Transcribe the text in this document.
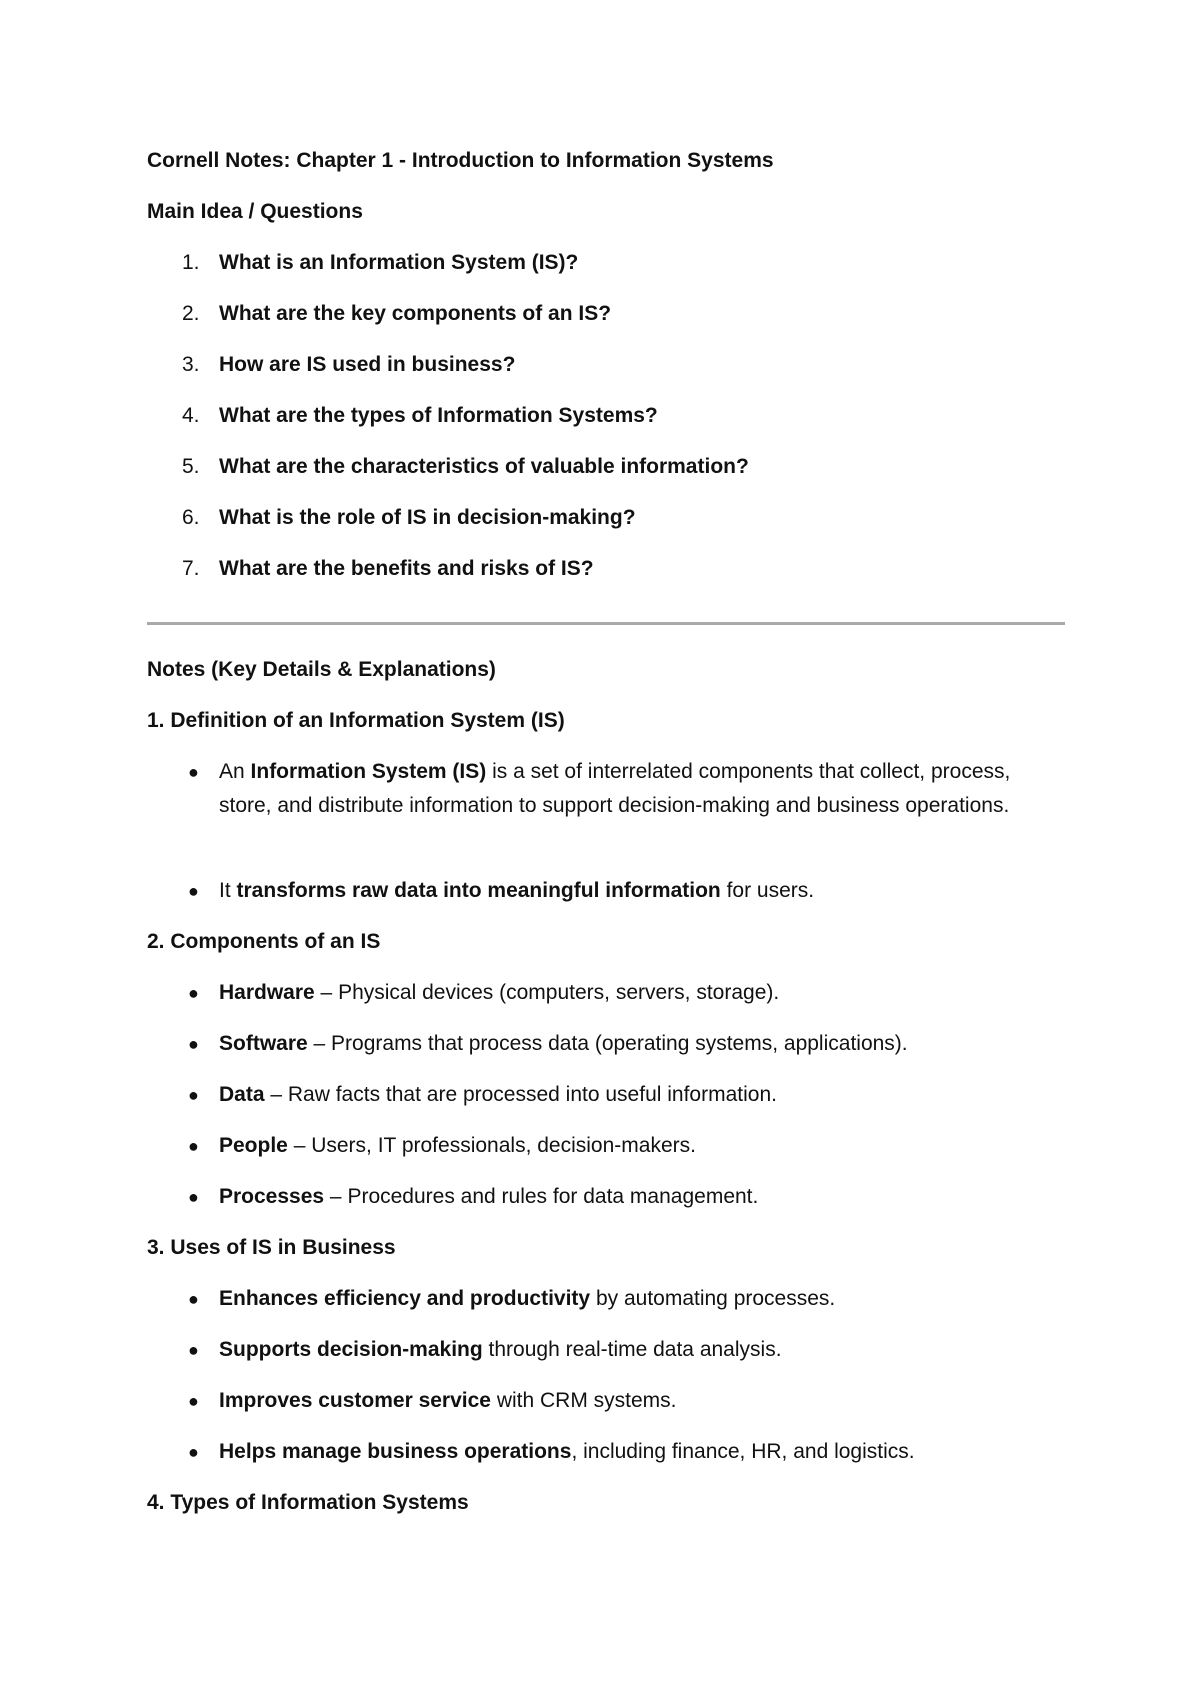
Cornell Notes: Chapter 1 - Introduction to Information Systems
Main Idea / Questions
1. What is an Information System (IS)?
2. What are the key components of an IS?
3. How are IS used in business?
4. What are the types of Information Systems?
5. What are the characteristics of valuable information?
6. What is the role of IS in decision-making?
7. What are the benefits and risks of IS?
Notes (Key Details & Explanations)
1. Definition of an Information System (IS)
● An Information System (IS) is a set of interrelated components that collect, process, store, and distribute information to support decision-making and business operations.
● It transforms raw data into meaningful information for users.
2. Components of an IS
● Hardware – Physical devices (computers, servers, storage).
● Software – Programs that process data (operating systems, applications).
● Data – Raw facts that are processed into useful information.
● People – Users, IT professionals, decision-makers.
● Processes – Procedures and rules for data management.
3. Uses of IS in Business
● Enhances efficiency and productivity by automating processes.
● Supports decision-making through real-time data analysis.
● Improves customer service with CRM systems.
● Helps manage business operations, including finance, HR, and logistics.
4. Types of Information Systems
